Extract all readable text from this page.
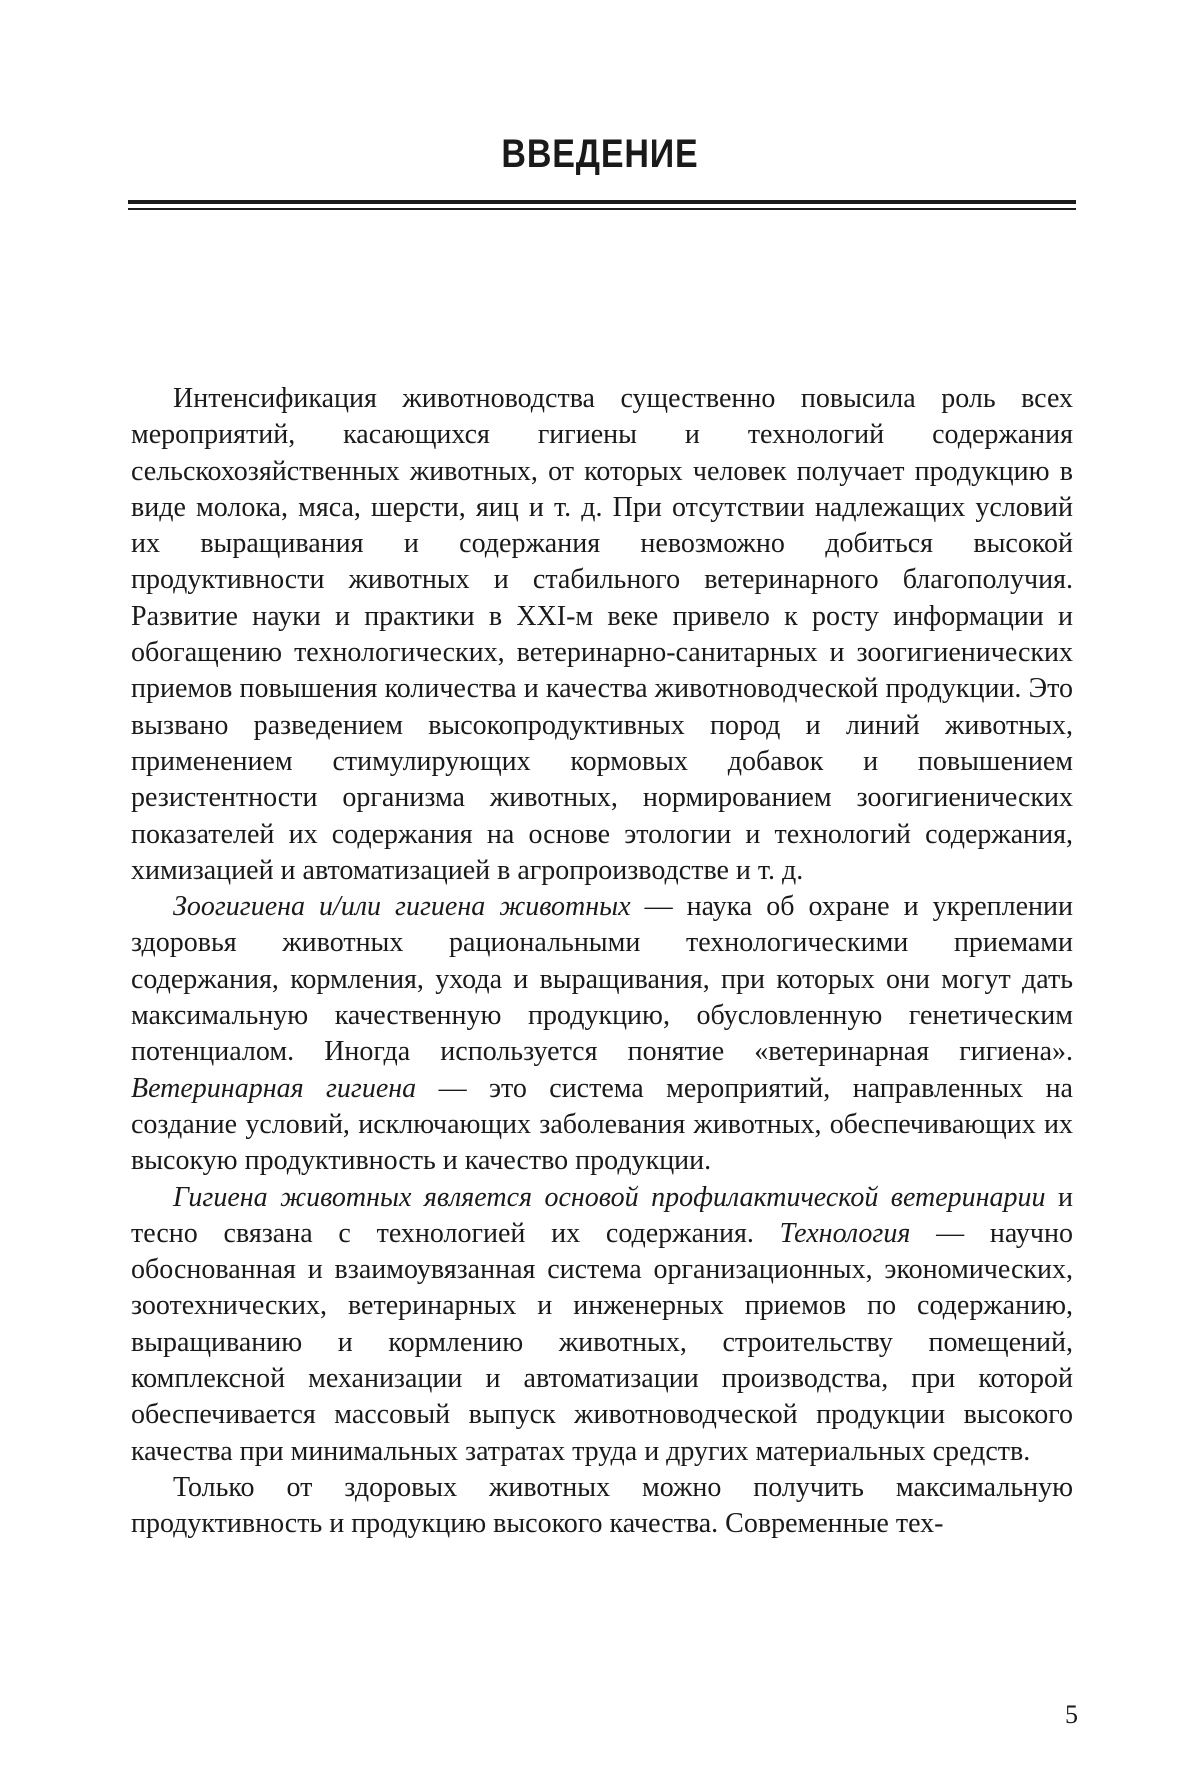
ВВЕДЕНИЕ

Интенсификация животноводства существенно повысила роль всех мероприятий, касающихся гигиены и технологий содержания сельскохозяйственных животных, от которых человек получает продукцию в виде молока, мяса, шерсти, яиц и т. д. При отсутствии надлежащих условий их выращивания и содержания невозможно добиться высокой продуктивности животных и стабильного ветеринарного благополучия. Развитие науки и практики в XXI-м веке привело к росту информации и обогащению технологических, ветеринарно-санитарных и зоогигиенических приемов повышения количества и качества животноводческой продукции. Это вызвано разведением высокопродуктивных пород и линий животных, применением стимулирующих кормовых добавок и повышением резистентности организма животных, нормированием зоогигиенических показателей их содержания на основе этологии и технологий содержания, химизацией и автоматизацией в агропроизводстве и т. д.

Зоогигиена и/или гигиена животных — наука об охране и укреплении здоровья животных рациональными технологическими приемами содержания, кормления, ухода и выращивания, при которых они могут дать максимальную качественную продукцию, обусловленную генетическим потенциалом. Иногда используется понятие «ветеринарная гигиена». Ветеринарная гигиена — это система мероприятий, направленных на создание условий, исключающих заболевания животных, обеспечивающих их высокую продуктивность и качество продукции.

Гигиена животных является основой профилактической ветеринарии и тесно связана с технологией их содержания. Технология — научно обоснованная и взаимоувязанная система организационных, экономических, зоотехнических, ветеринарных и инженерных приемов по содержанию, выращиванию и кормлению животных, строительству помещений, комплексной механизации и автоматизации производства, при которой обеспечивается массовый выпуск животноводческой продукции высокого качества при минимальных затратах труда и других материальных средств.

Только от здоровых животных можно получить максимальную продуктивность и продукцию высокого качества. Современные тех-

5
